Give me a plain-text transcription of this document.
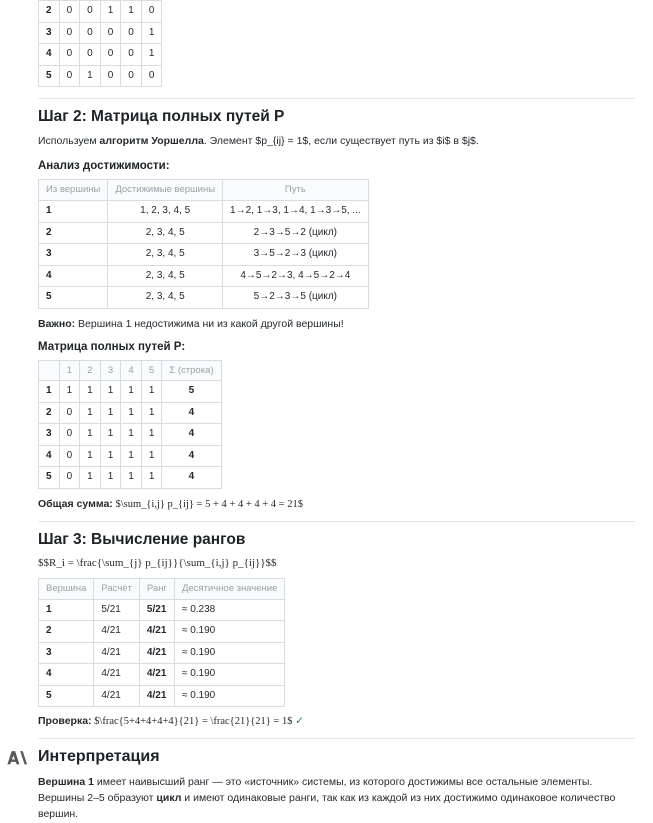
2	0	0	1	1	0
3	0	0	0	0	1
4	0	0	0	0	1
5	0	1	0	0	0
Шаг 2: Матрица полных путей P

Используем алгоритм Уоршелла. Элемент $p_{ij} = 1$, если существует путь из $i$ в $j$.

Анализ достижимости:
Из вершины	Достижимые вершины	Путь
1	1, 2, 3, 4, 5	1→2, 1→3, 1→4, 1→3→5, ...
2	2, 3, 4, 5	2→3→5→2 (цикл)
3	2, 3, 4, 5	3→5→2→3 (цикл)
4	2, 3, 4, 5	4→5→2→3, 4→5→2→4
5	2, 3, 4, 5	5→2→3→5 (цикл)

Важно: Вершина 1 недостижима ни из какой другой вершины!

Матрица полных путей P:
	1	2	3	4	5	Σ (строка)
1	1	1	1	1	1	5
2	0	1	1	1	1	4
3	0	1	1	1	1	4
4	0	1	1	1	1	4
5	0	1	1	1	1	4

Общая сумма: $\sum_{i,j} p_{ij} = 5 + 4 + 4 + 4 + 4 = 21$

Шаг 3: Вычисление рангов

$$R_i = \frac{\sum_{j} p_{ij}}{\sum_{i,j} p_{ij}}$$

Вершина	Расчёт	Ранг	Десятичное значение
1	5/21	5/21	≈ 0.238
2	4/21	4/21	≈ 0.190
3	4/21	4/21	≈ 0.190
4	4/21	4/21	≈ 0.190
5	4/21	4/21	≈ 0.190

Проверка: $\frac{5+4+4+4+4}{21} = \frac{21}{21} = 1$ ✓

Интерпретация

Вершина 1 имеет наивысший ранг — это «источник» системы, из которого достижимы все остальные элементы. Вершины 2–5 образуют цикл и имеют одинаковые ранги, так как из каждой из них достижимо одинаковое количество вершин.
